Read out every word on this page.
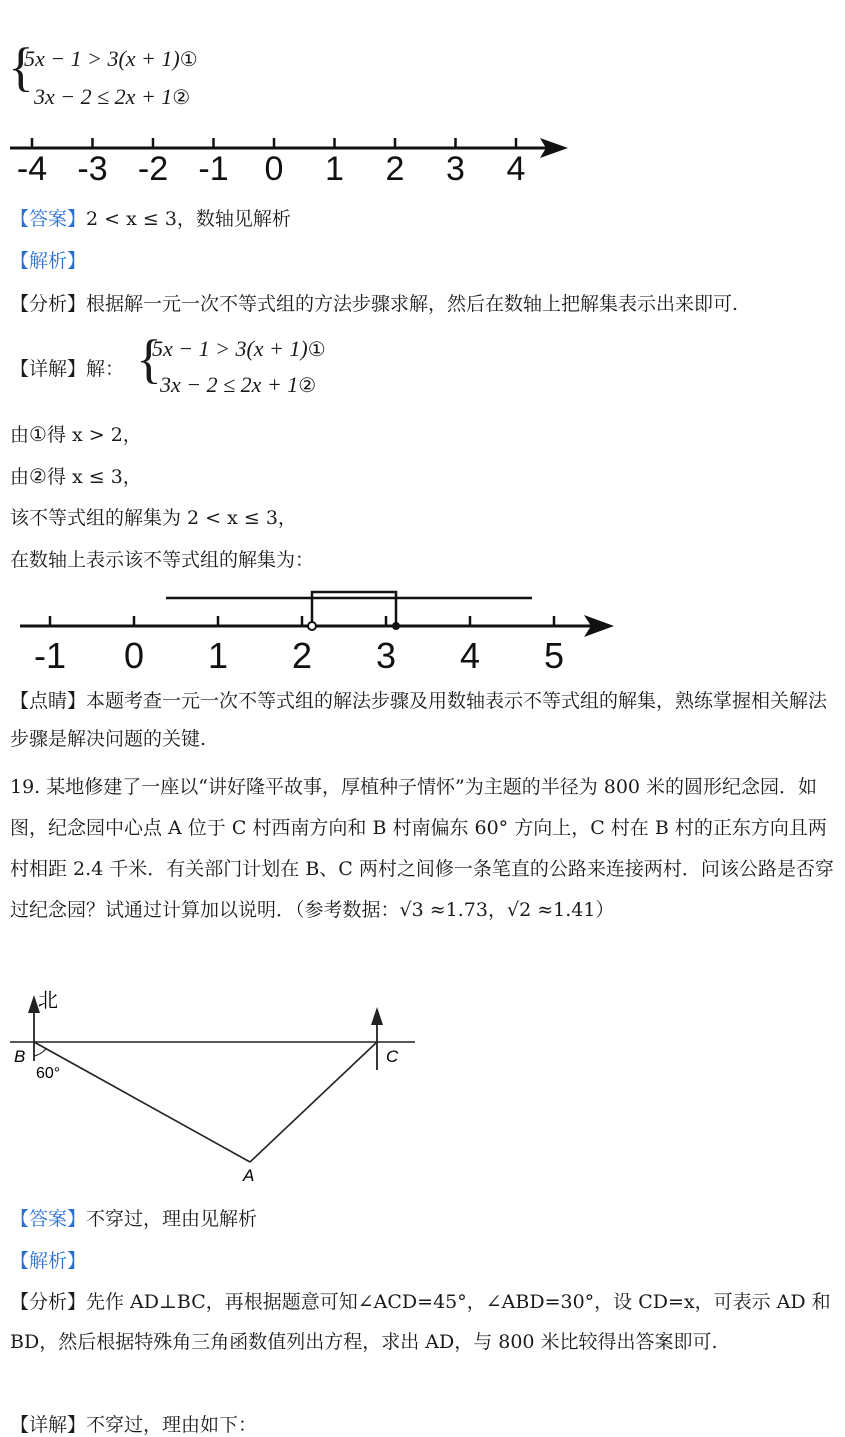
{
5x − 1 > 3(x + 1)①
3x − 2 ≤ 2x + 1②
-4 -3 -2 -1 0 1 2 3 4
【答案】2 < x ≤ 3，数轴见解析
【解析】
【分析】根据解一元一次不等式组的方法步骤求解，然后在数轴上把解集表示出来即可.
【详解】解： {
5x − 1 > 3(x + 1)①
3x − 2 ≤ 2x + 1②
由①得 x > 2，
由②得 x ≤ 3，
该不等式组的解集为 2 < x ≤ 3，
在数轴上表示该不等式组的解集为：
-1 0 1 2 3 4 5
【点睛】本题考查一元一次不等式组的解法步骤及用数轴表示不等式组的解集，熟练掌握相关解法步骤是解决问题的关键.
19. 某地修建了一座以“讲好隆平故事，厚植种子情怀”为主题的半径为 800 米的圆形纪念园．如图，纪念园中心点 A 位于 C 村西南方向和 B 村南偏东 60° 方向上，C 村在 B 村的正东方向且两村相距 2.4 千米．有关部门计划在 B、C 两村之间修一条笔直的公路来连接两村．问该公路是否穿过纪念园？试通过计算加以说明．（参考数据：√3 ≈1.73，√2 ≈1.41）
北
B	C
A
60°
【答案】不穿过，理由见解析
【解析】
【分析】先作 AD⊥BC，再根据题意可知∠ACD=45°，∠ABD=30°，设 CD=x，可表示 AD 和 BD，然后根据特殊角三角函数值列出方程，求出 AD，与 800 米比较得出答案即可.
【详解】不穿过，理由如下：
